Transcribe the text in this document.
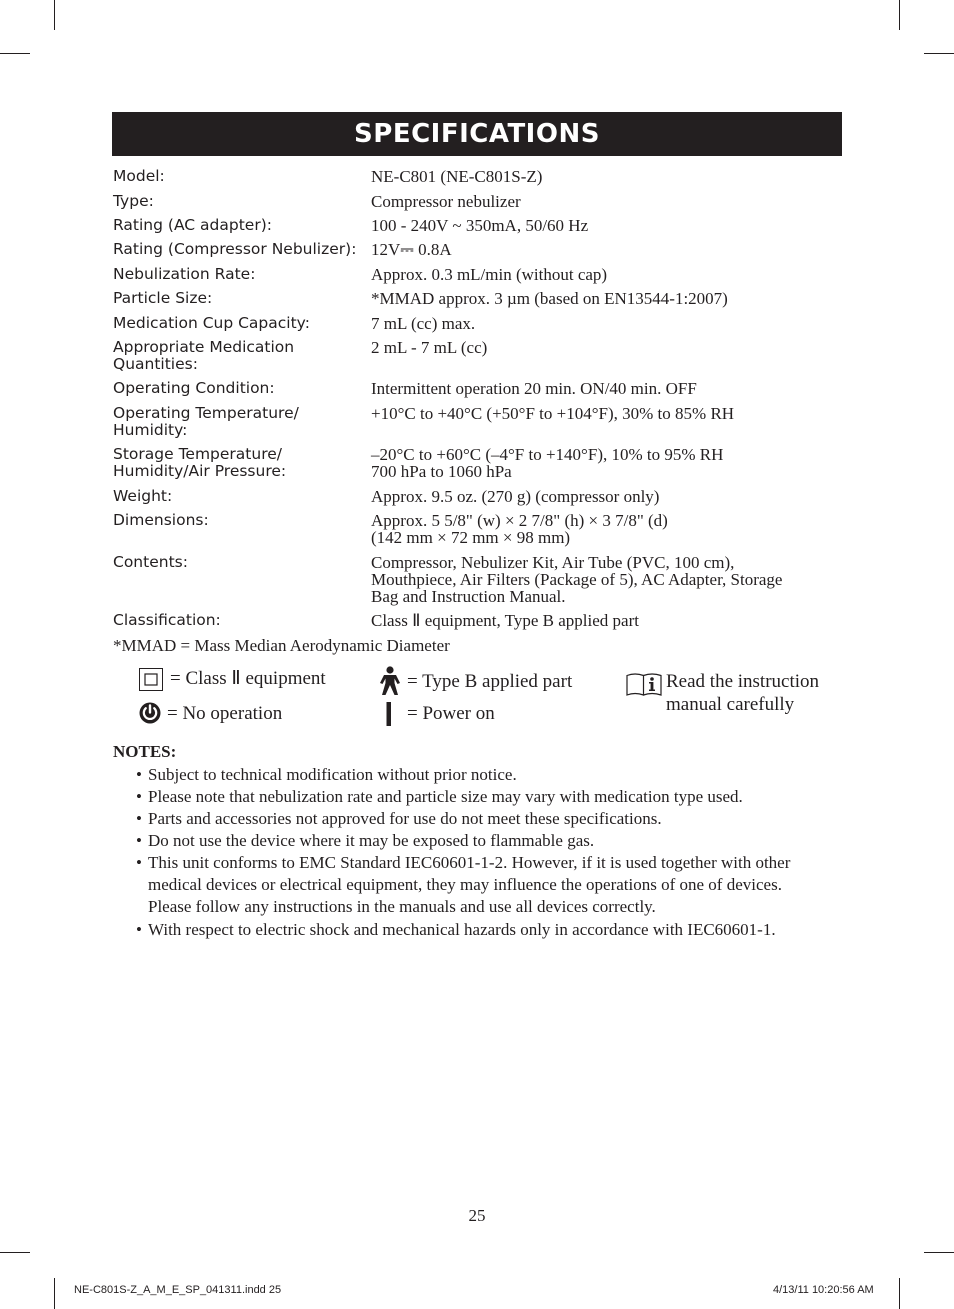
SPECIFICATIONS
Model:	NE-C801 (NE-C801S-Z)
Type:	Compressor nebulizer
Rating (AC adapter):	100 - 240V ~ 350mA, 50/60 Hz
Rating (Compressor Nebulizer): 12V⎓ 0.8A
Nebulization Rate:	Approx. 0.3 mL/min (without cap)
Particle Size:	*MMAD approx. 3 µm (based on EN13544-1:2007)
Medication Cup Capacity:	7 mL (cc) max.
Appropriate Medication
Quantities:
2 mL - 7 mL (cc)
Operating Condition:	Intermittent operation 20 min. ON/40 min. OFF
Operating Temperature/
Humidity:
+10°C to +40°C (+50°F to +104°F), 30% to 85% RH
Storage Temperature/
Humidity/Air Pressure:
–20°C to +60°C (–4°F to +140°F), 10% to 95% RH
700 hPa to 1060 hPa
Weight:	Approx. 9.5 oz. (270 g) (compressor only)
Dimensions:	Approx. 5 5/8" (w) × 2 7/8" (h) × 3 7/8" (d)
(142 mm × 72 mm × 98 mm)
Contents:	Compressor, Nebulizer Kit, Air Tube (PVC, 100 cm),
Mouthpiece, Air Filters (Package of 5), AC Adapter, Storage
Bag and Instruction Manual.
Classification:	Class Ⅱ equipment, Type B applied part
*MMAD = Mass Median Aerodynamic Diameter
= Class Ⅱ equipment	= Type B applied part	Read the instruction
manual carefully
= No operation	= Power on
NOTES:
• Subject to technical modification without prior notice.
• Please note that nebulization rate and particle size may vary with medication type used.
• Parts and accessories not approved for use do not meet these specifications.
• Do not use the device where it may be exposed to flammable gas.
• This unit conforms to EMC Standard IEC60601-1-2. However, if it is used together with other
medical devices or electrical equipment, they may influence the operations of one of devices.
Please follow any instructions in the manuals and use all devices correctly.
• With respect to electric shock and mechanical hazards only in accordance with IEC60601-1.
25
NE-C801S-Z_A_M_E_SP_041311.indd 25	4/13/11 10:20:56 AM
